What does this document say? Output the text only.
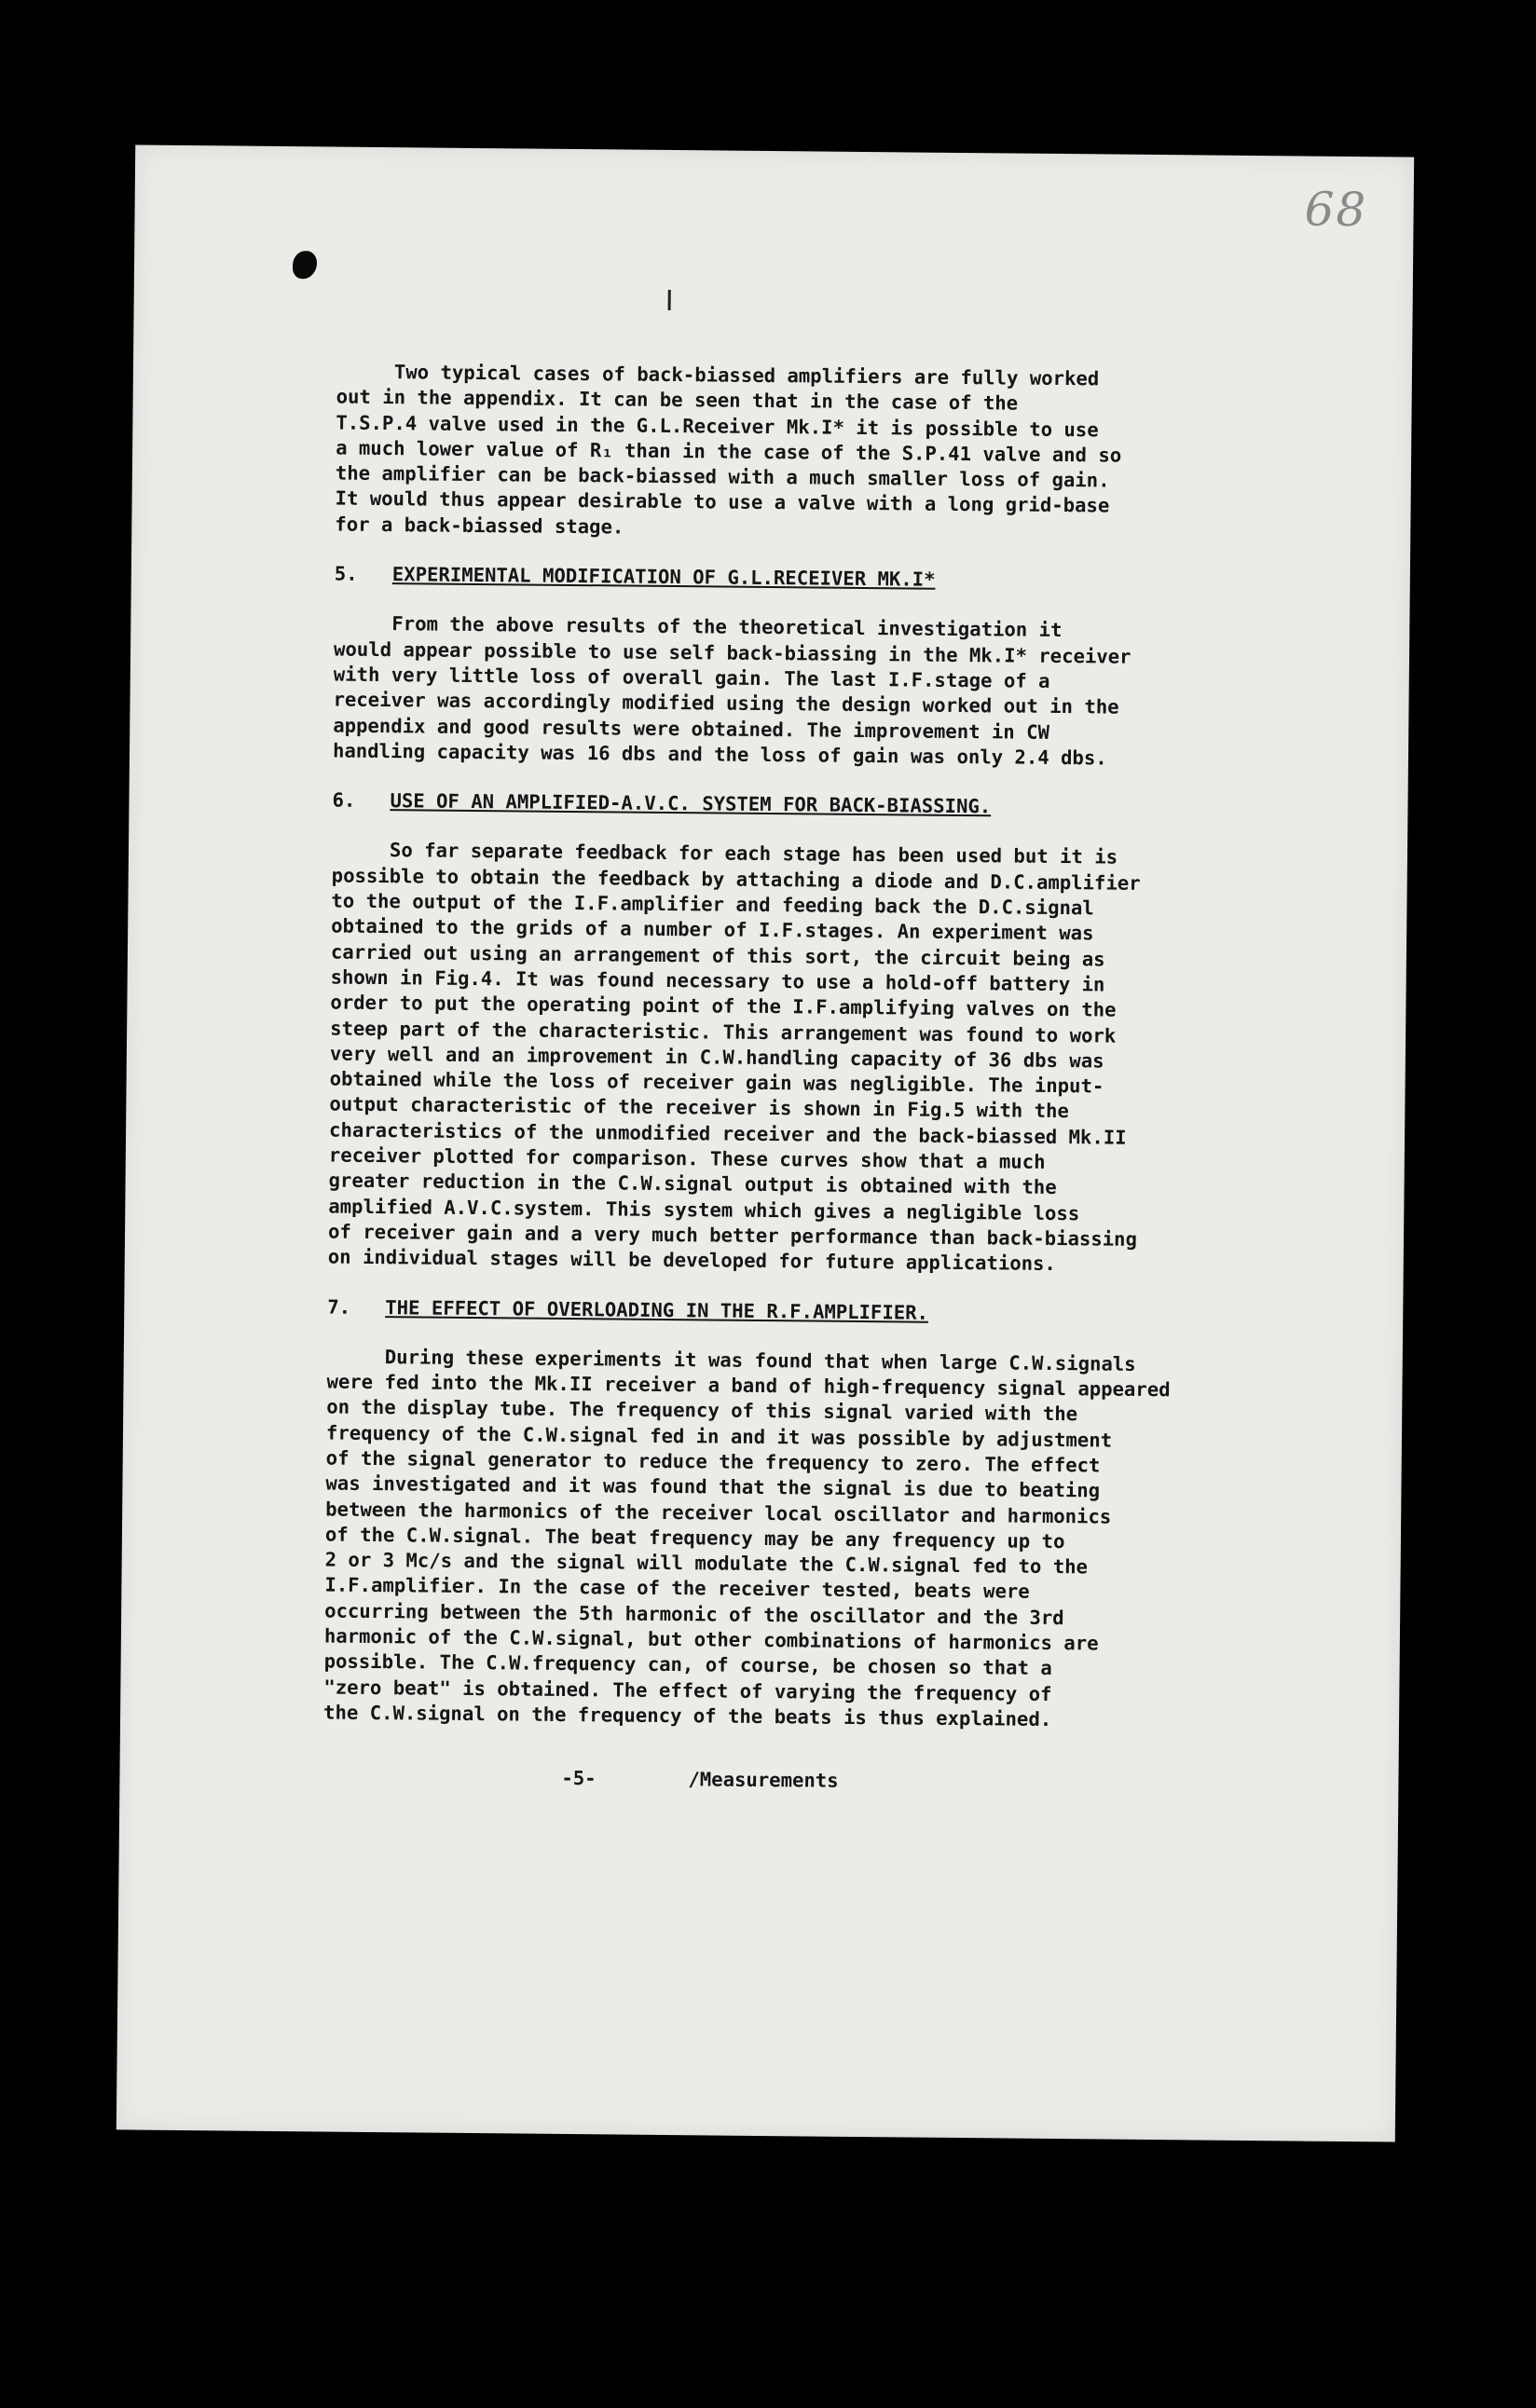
68

Two typical cases of back-biassed amplifiers are fully worked
out in the appendix. It can be seen that in the case of the
T.S.P.4 valve used in the G.L.Receiver Mk.I* it is possible to use
a much lower value of R₁ than in the case of the S.P.41 valve and so
the amplifier can be back-biassed with a much smaller loss of gain.
It would thus appear desirable to use a valve with a long grid-base
for a back-biassed stage.

5. EXPERIMENTAL MODIFICATION OF G.L.RECEIVER MK.I*

From the above results of the theoretical investigation it
would appear possible to use self back-biassing in the Mk.I* receiver
with very little loss of overall gain. The last I.F.stage of a
receiver was accordingly modified using the design worked out in the
appendix and good results were obtained. The improvement in CW
handling capacity was 16 dbs and the loss of gain was only 2.4 dbs.

6. USE OF AN AMPLIFIED-A.V.C. SYSTEM FOR BACK-BIASSING.

So far separate feedback for each stage has been used but it is
possible to obtain the feedback by attaching a diode and D.C.amplifier
to the output of the I.F.amplifier and feeding back the D.C.signal
obtained to the grids of a number of I.F.stages. An experiment was
carried out using an arrangement of this sort, the circuit being as
shown in Fig.4. It was found necessary to use a hold-off battery in
order to put the operating point of the I.F.amplifying valves on the
steep part of the characteristic. This arrangement was found to work
very well and an improvement in C.W.handling capacity of 36 dbs was
obtained while the loss of receiver gain was negligible. The input-
output characteristic of the receiver is shown in Fig.5 with the
characteristics of the unmodified receiver and the back-biassed Mk.II
receiver plotted for comparison. These curves show that a much
greater reduction in the C.W.signal output is obtained with the
amplified A.V.C.system. This system which gives a negligible loss
of receiver gain and a very much better performance than back-biassing
on individual stages will be developed for future applications.

7. THE EFFECT OF OVERLOADING IN THE R.F.AMPLIFIER.

During these experiments it was found that when large C.W.signals
were fed into the Mk.II receiver a band of high-frequency signal appeared
on the display tube. The frequency of this signal varied with the
frequency of the C.W.signal fed in and it was possible by adjustment
of the signal generator to reduce the frequency to zero. The effect
was investigated and it was found that the signal is due to beating
between the harmonics of the receiver local oscillator and harmonics
of the C.W.signal. The beat frequency may be any frequency up to
2 or 3 Mc/s and the signal will modulate the C.W.signal fed to the
I.F.amplifier. In the case of the receiver tested, beats were
occurring between the 5th harmonic of the oscillator and the 3rd
harmonic of the C.W.signal, but other combinations of harmonics are
possible. The C.W.frequency can, of course, be chosen so that a
"zero beat" is obtained. The effect of varying the frequency of
the C.W.signal on the frequency of the beats is thus explained.

-5-	/Measurements
